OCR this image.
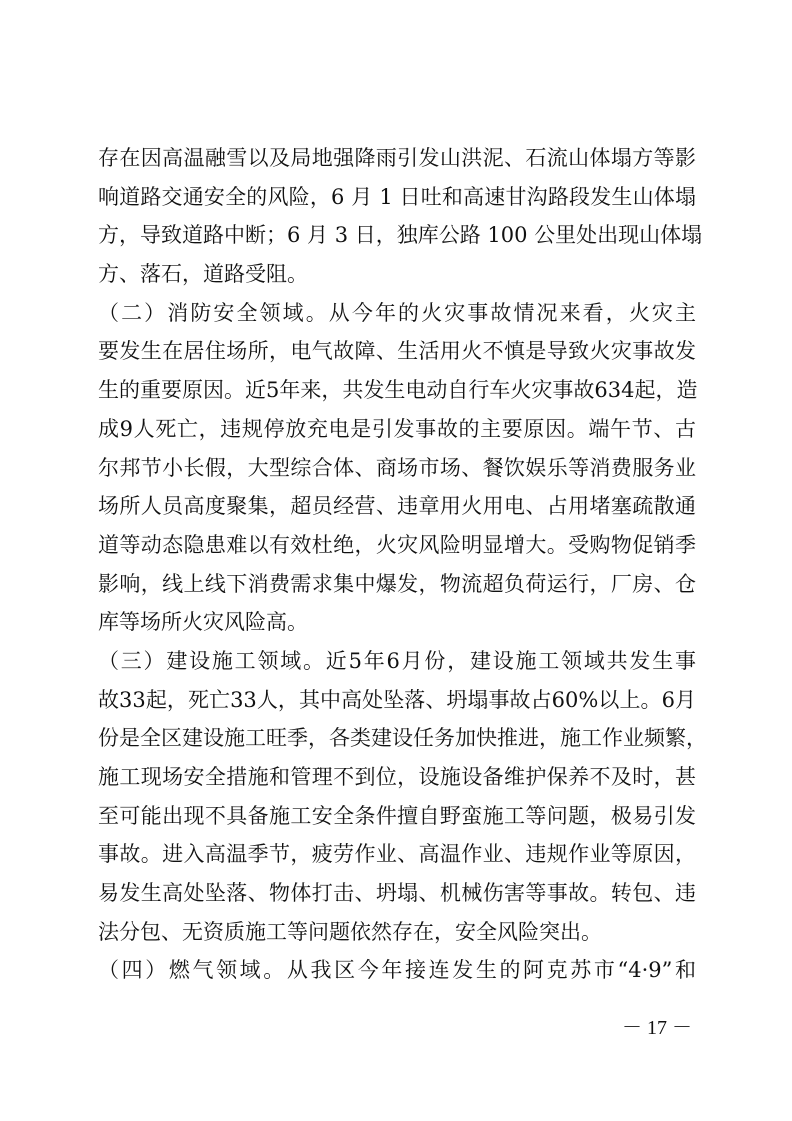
存在因高温融雪以及局地强降雨引发山洪泥、石流山体塌方等影
响道路交通安全的风险，6 月 1 日吐和高速甘沟路段发生山体塌
方，导致道路中断；6 月 3 日，独库公路 100 公里处出现山体塌
方、落石，道路受阻。
（二）消防安全领域。从今年的火灾事故情况来看，火灾主
要发生在居住场所，电气故障、生活用火不慎是导致火灾事故发
生的重要原因。近5年来，共发生电动自行车火灾事故634起，造
成9人死亡，违规停放充电是引发事故的主要原因。端午节、古
尔邦节小长假，大型综合体、商场市场、餐饮娱乐等消费服务业
场所人员高度聚集，超员经营、违章用火用电、占用堵塞疏散通
道等动态隐患难以有效杜绝，火灾风险明显增大。受购物促销季
影响，线上线下消费需求集中爆发，物流超负荷运行，厂房、仓
库等场所火灾风险高。
（三）建设施工领域。近5年6月份，建设施工领域共发生事
故33起，死亡33人，其中高处坠落、坍塌事故占60%以上。6月
份是全区建设施工旺季，各类建设任务加快推进，施工作业频繁，
施工现场安全措施和管理不到位，设施设备维护保养不及时，甚
至可能出现不具备施工安全条件擅自野蛮施工等问题，极易引发
事故。进入高温季节，疲劳作业、高温作业、违规作业等原因，
易发生高处坠落、物体打击、坍塌、机械伤害等事故。转包、违
法分包、无资质施工等问题依然存在，安全风险突出。
（四）燃气领域。从我区今年接连发生的阿克苏市“4·9”和
－ 17 －
